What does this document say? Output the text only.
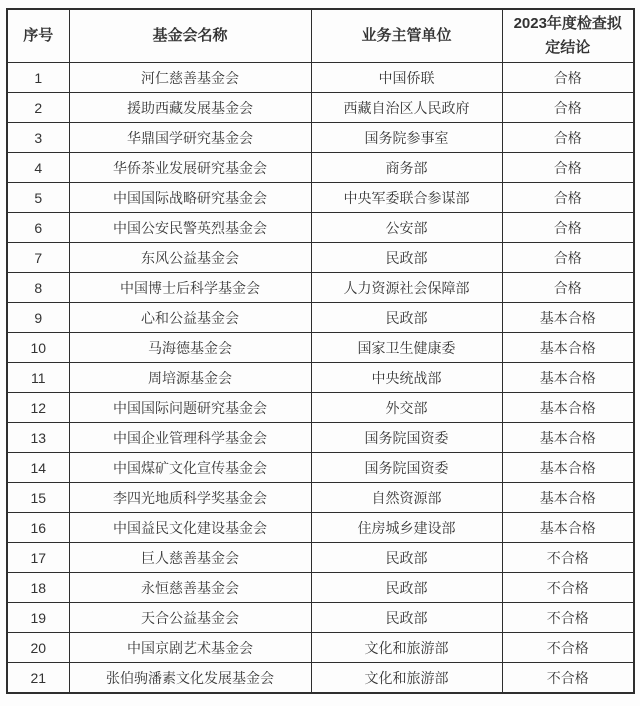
序号	基金会名称	业务主管单位	2023年度检查拟定结论
1	河仁慈善基金会	中国侨联	合格
2	援助西藏发展基金会	西藏自治区人民政府	合格
3	华鼎国学研究基金会	国务院参事室	合格
4	华侨茶业发展研究基金会	商务部	合格
5	中国国际战略研究基金会	中央军委联合参谋部	合格
6	中国公安民警英烈基金会	公安部	合格
7	东风公益基金会	民政部	合格
8	中国博士后科学基金会	人力资源社会保障部	合格
9	心和公益基金会	民政部	基本合格
10	马海德基金会	国家卫生健康委	基本合格
11	周培源基金会	中央统战部	基本合格
12	中国国际问题研究基金会	外交部	基本合格
13	中国企业管理科学基金会	国务院国资委	基本合格
14	中国煤矿文化宣传基金会	国务院国资委	基本合格
15	李四光地质科学奖基金会	自然资源部	基本合格
16	中国益民文化建设基金会	住房城乡建设部	基本合格
17	巨人慈善基金会	民政部	不合格
18	永恒慈善基金会	民政部	不合格
19	天合公益基金会	民政部	不合格
20	中国京剧艺术基金会	文化和旅游部	不合格
21	张伯驹潘素文化发展基金会	文化和旅游部	不合格
